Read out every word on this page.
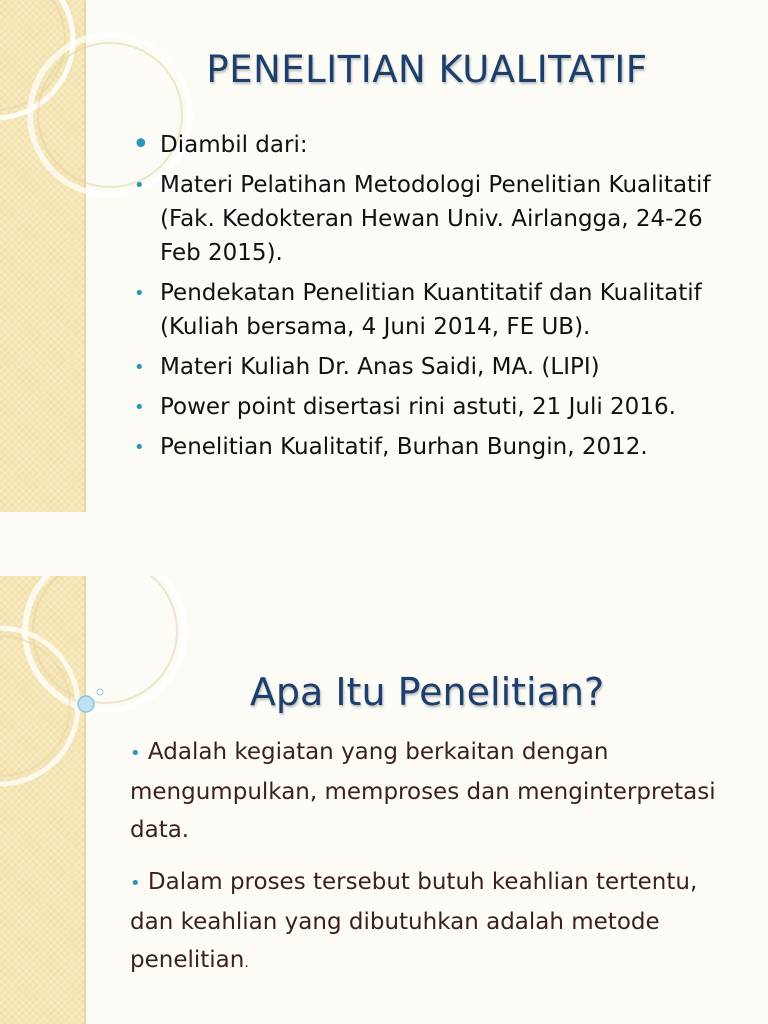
PENELITIAN KUALITATIF
• Diambil dari:
• Materi Pelatihan Metodologi Penelitian Kualitatif (Fak. Kedokteran Hewan Univ. Airlangga, 24-26 Feb 2015).
• Pendekatan Penelitian Kuantitatif dan Kualitatif (Kuliah bersama, 4 Juni 2014, FE UB).
• Materi Kuliah Dr. Anas Saidi, MA. (LIPI)
• Power point disertasi rini astuti, 21 Juli 2016.
• Penelitian Kualitatif, Burhan Bungin, 2012.
Apa Itu Penelitian?

• Adalah kegiatan yang berkaitan dengan mengumpulkan, memproses dan menginterpretasi data.

• Dalam proses tersebut butuh keahlian tertentu, dan keahlian yang dibutuhkan adalah metode penelitian.
